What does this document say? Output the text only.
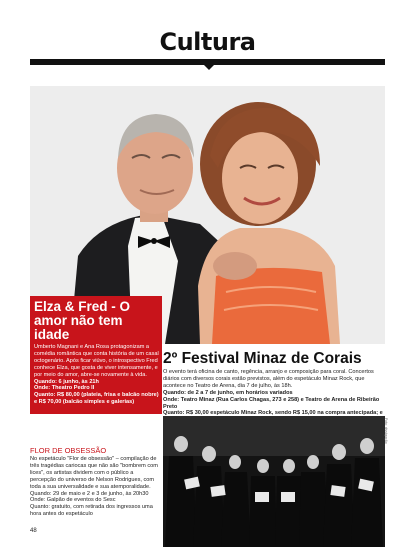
Cultura
Elza & Fred - O amor não tem idade
Umberto Magnani e Ana Rosa protagonizam a comédia romântica que conta história de um casal octogenário. Após ficar viúvo, o introspectivo Fred conhece Elza, que gosta de viver intensamente, e por meio do amor, abre-se novamente à vida.
Quando: 6 junho, às 21h
Onde: Theatro Pedro II
Quanto: R$ 80,00 (plateia, frisa e balcão nobre) e R$ 70,00 (balcão simples e galerias)
2º Festival Minaz de Corais
O evento terá oficina de canto, regência, arranjo e composição para coral. Concertos diários com diversos corais estão previstos, além do espetáculo Minaz Rock, que acontece no Teatro de Arena, dia 7 de julho, às 18h.
Quando: de 2 a 7 de junho, em horários variados
Onde: Teatro Minaz (Rua Carlos Chagas, 273 e 258) e Teatro de Arena de Ribeirão Preto
Quanto: R$ 30,00 espetáculo Minaz Rock, sendo R$ 15,00 na compra antecipada; e
FLOR DE OBSESSÃO
No espetáculo "Flor de obsessão" – compilação de três tragédias cariocas que não são "bombrem com lices", os artistas dividem com o público a percepção do universo de Nelson Rodrigues, com toda a sua universalidade e sua atemporalidade.
Quando: 29 de maio e 2 e 3 de junho, às 20h30
Onde: Galpão de eventos do Sesc
Quanto: gratuito, com retirada dos ingressos uma hora antes do espetáculo
Foto: divulgação
48
